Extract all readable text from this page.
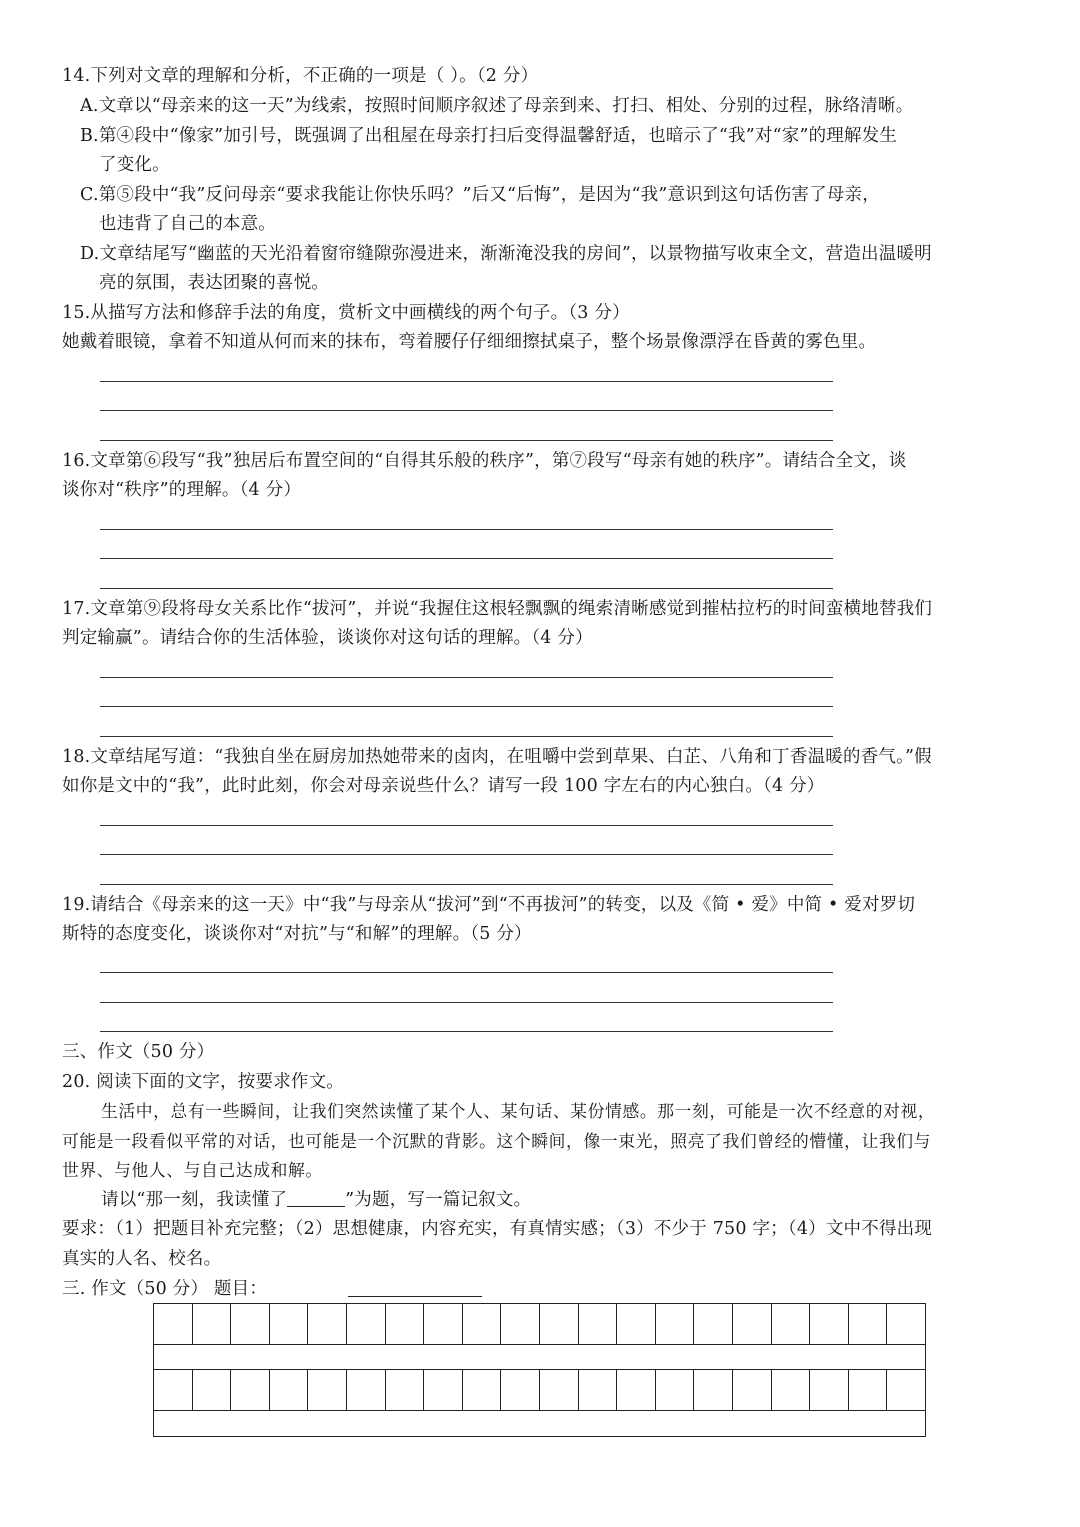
14.下列对文章的理解和分析，不正确的一项是（ ）。（2 分）
A.文章以“母亲来的这一天”为线索，按照时间顺序叙述了母亲到来、打扫、相处、分别的过程，脉络清晰。
B.第④段中“像家”加引号，既强调了出租屋在母亲打扫后变得温馨舒适，也暗示了“我”对“家”的理解发生
了变化。
C.第⑤段中“我”反问母亲“要求我能让你快乐吗？”后又“后悔”，是因为“我”意识到这句话伤害了母亲，
也违背了自己的本意。
D.文章结尾写“幽蓝的天光沿着窗帘缝隙弥漫进来，渐渐淹没我的房间”，以景物描写收束全文，营造出温暖明
亮的氛围，表达团聚的喜悦。
15.从描写方法和修辞手法的角度，赏析文中画横线的两个句子。（3 分）
她戴着眼镜，拿着不知道从何而来的抹布，弯着腰仔仔细细擦拭桌子，整个场景像漂浮在昏黄的雾色里。
16.文章第⑥段写“我”独居后布置空间的“自得其乐般的秩序”，第⑦段写“母亲有她的秩序”。请结合全文，谈
谈你对“秩序”的理解。（4 分）
17.文章第⑨段将母女关系比作“拔河”，并说“我握住这根轻飘飘的绳索清晰感觉到摧枯拉朽的时间蛮横地替我们
判定输赢”。请结合你的生活体验，谈谈你对这句话的理解。（4 分）
18.文章结尾写道：“我独自坐在厨房加热她带来的卤肉，在咀嚼中尝到草果、白芷、八角和丁香温暖的香气。”假
如你是文中的“我”，此时此刻，你会对母亲说些什么？请写一段 100 字左右的内心独白。（4 分）
19.请结合《母亲来的这一天》中“我”与母亲从“拔河”到“不再拔河”的转变，以及《简 • 爱》中简 • 爱对罗切
斯特的态度变化，谈谈你对“对抗”与“和解”的理解。（5 分）
三、作文（50 分）
20. 阅读下面的文字，按要求作文。
生活中，总有一些瞬间，让我们突然读懂了某个人、某句话、某份情感。那一刻，可能是一次不经意的对视，
可能是一段看似平常的对话，也可能是一个沉默的背影。这个瞬间，像一束光，照亮了我们曾经的懵懂，让我们与
世界、与他人、与自己达成和解。
请以“那一刻，我读懂了	”为题，写一篇记叙文。
要求：（1）把题目补充完整；（2）思想健康，内容充实，有真情实感；（3）不少于 750 字；（4）文中不得出现
真实的人名、校名。
三. 作文（50 分） 题目：
